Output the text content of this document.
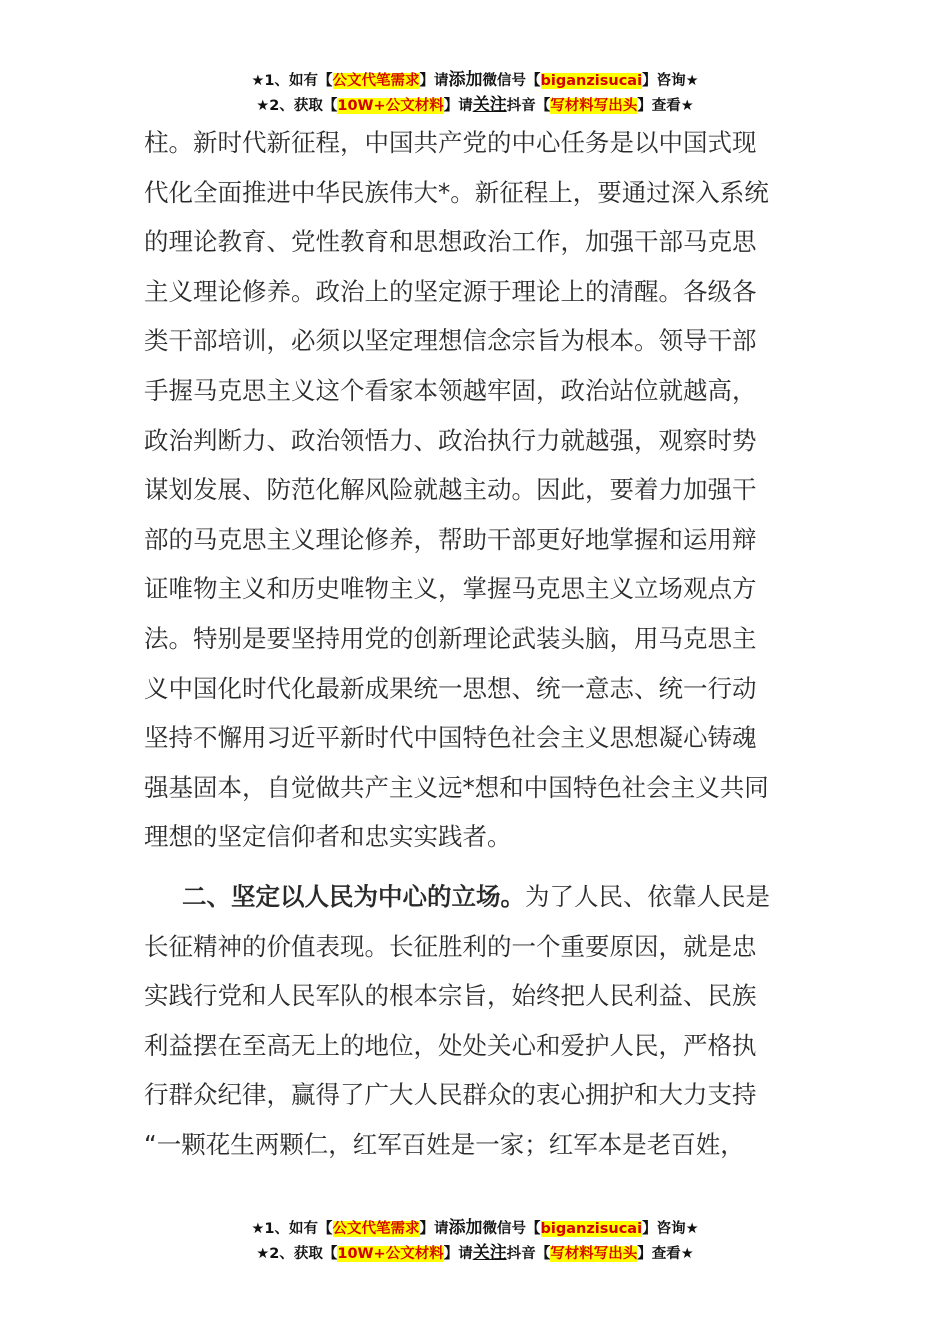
★1、如有【公文代笔需求】请添加微信号【biganzisucai】咨询★
★2、获取【10W+公文材料】请关注抖音【写材料写出头】查看★
柱。新时代新征程，中国共产党的中心任务是以中国式现
代化全面推进中华民族伟大*。新征程上，要通过深入系统
的理论教育、党性教育和思想政治工作，加强干部马克思
主义理论修养。政治上的坚定源于理论上的清醒。各级各
类干部培训，必须以坚定理想信念宗旨为根本。领导干部
手握马克思主义这个看家本领越牢固，政治站位就越高，
政治判断力、政治领悟力、政治执行力就越强，观察时势
谋划发展、防范化解风险就越主动。因此，要着力加强干
部的马克思主义理论修养，帮助干部更好地掌握和运用辩
证唯物主义和历史唯物主义，掌握马克思主义立场观点方
法。特别是要坚持用党的创新理论武装头脑，用马克思主
义中国化时代化最新成果统一思想、统一意志、统一行动
坚持不懈用习近平新时代中国特色社会主义思想凝心铸魂
强基固本，自觉做共产主义远*想和中国特色社会主义共同
理想的坚定信仰者和忠实实践者。
二、坚定以人民为中心的立场。为了人民、依靠人民是
长征精神的价值表现。长征胜利的一个重要原因，就是忠
实践行党和人民军队的根本宗旨，始终把人民利益、民族
利益摆在至高无上的地位，处处关心和爱护人民，严格执
行群众纪律，赢得了广大人民群众的衷心拥护和大力支持
“一颗花生两颗仁，红军百姓是一家；红军本是老百姓，
★1、如有【公文代笔需求】请添加微信号【biganzisucai】咨询★
★2、获取【10W+公文材料】请关注抖音【写材料写出头】查看★
